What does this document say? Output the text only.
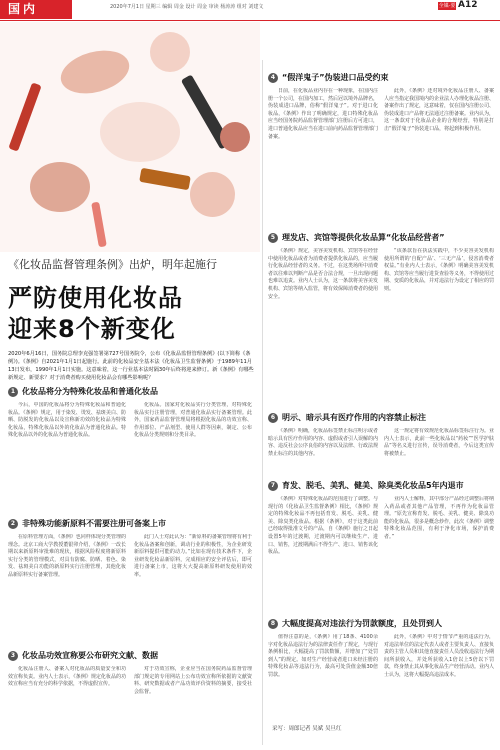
国内	2020年7月1日 星期三 编辑 周金 设计 周金 审读 杨涛涛 组对 刘建文	全媒·要闻
A12
《化妆品监督管理条例》出炉，明年起施行
严防使用化妆品
迎来8个新变化
2020年6月16日，国务院总理李克强签署第727号国务院令，公布《化妆品监督管理条例》(以下简称《条例》)。《条例》自2021年1月1日起施行。此前的化妆品安全基本法《化妆品卫生监督条例》于1989年11月13日发布，1990年1月1日实施。这意味着，这一行业基本法时隔30年后终将迎来修订。新《条例》有哪些新规定、新要求？对于消费者购买使用化妆品会有哪些影响呢？
1 化妆品将分为特殊化妆品和普通化妆品

今后，中国的化妆品将分为特殊化妆品和普通化妆品。《条例》规定，用于染发、烫发、祛斑美白、防晒、防脱发的化妆品以及宣称新功效的化妆品为特殊化妆品，特殊化妆品以外的化妆品为普通化妆品。特殊化妆品以外的化妆品为普通化妆品。

化妆品。国家对化妆品实行分类管理，对特殊化妆品实行注册管理，对普通化妆品实行备案管理。此外，国家药品监督管理局将根据化妆品的功效宣称、作用部位、产品剂型、使用人群等因素，制定、公布化妆品分类规则和分类目录。

2 非特殊功能新原料不需要注册可备案上市

在原料管理方面，《条例》也同样体现分类管理的理念。北京工商大学教授董银卯介绍，《条例》一改长期以来新原料审批难的现状，根据风险程度将新原料实行分类的管理模式，对具有防腐、防晒、着色、染发、祛斑美白功能的新原料实行注册管理，其他化妆品新原料实行备案管理。

此门人士对此认为：“新原料的备案管理将有利于化妆品备案和创新，调动行业的积极性，为企业研发新原料提供可能的动力。”比如在现有技术条件下，企业研发化妆品新原料，完成相应的安全评估后，即可进行备案上市，这将大大提高新原料研发使用的效率。

3 化妆品功效宣称要公布研究文献、数据

化妆品注册人、备案人对化妆品的质量安全和功效宣称负责。业内人士表示，《条例》规定化妆品的功效宣称应当有充分的科学依据，不得虚假宣传。

对于功效宣称，企业应当在国务院药品监督管理部门规定的专用网站上公布功效宣称所依据的文献资料、研究数据或者产品功效评价资料的摘要，接受社会监督。

4 “假洋鬼子”伪装进口品受约束

日前，在化妆品业内存在一种现象，在国内注册一个公司，在国内加工，然后冠以境外品牌名，伪装成进口品牌，俗称“假洋鬼子”。对于进口化妆品，《条例》作出了明确规定，进口特殊化妆品应当经国务院药品监督管理部门注册后方可进口，进口普通化妆品应当在进口前向药品监督管理部门备案。

此外，《条例》还对境外化妆品注册人、备案人应当指定我国境内的企业法人办理化妆品注册、备案作出了规定，这意味着，仅在国内注册公司、伪装成进口产品将无法通过注册备案。业内认为，这一条款对于化妆品企业的合规经营，特别是打击“假洋鬼子”伪装进口品，将起到积极作用。

5 理发店、宾馆等提供化妆品算“化妆品经营者”

《条例》规定，美容美发机构、宾馆等在经营中使用化妆品或者为消费者提供化妆品的，应当履行化妆品经营者的义务。不过，在这类场所中消费者以往难以判断产品是否合法合规，一旦出现问题也难以追责。业内人士认为，这一条款将美容美发机构、宾馆等纳入监管，将有效保障消费者的使用安全。

“该条款旨在执法实践中，不少美容美发机构使用所谓的‘自配产品’、‘三无产品’，侵害消费者权益。”有业内人士表示，《条例》明确美容美发机构、宾馆等应当履行进货查验等义务，不得使用过期、变质的化妆品，并对违法行为设定了相应的罚则。

6 明示、暗示具有医疗作用的内容禁止标注

《条例》明确，化妆品标签禁止标注明示或者暗示具有医疗作用的内容、虚假或者引人误解的内容、违反社会公序良俗的内容以及法律、行政法规禁止标注的其他内容。

这一规定将有效规范化妆品标签标注行为。业内人士表示，此前一些化妆品以“药妆”“医学护肤品”等名义进行宣传，误导消费者，今后这类宣传将被禁止。

7 育发、脱毛、美乳、健美、除臭类化妆品5年内退市

《条例》对特殊化妆品的范围进行了调整。与现行的《化妆品卫生监督条例》相比，《条例》规定的特殊化妆品不再包括育发、脱毛、美乳、健美、除臭类化妆品。根据《条例》，对于这类此前已经取得批准文号的产品，自《条例》施行之日起设置5年的过渡期，过渡期内可以继续生产、进口、销售，过渡期满后不得生产、进口、销售该化妆品。

业内人士解释，其中部分产品经过调整后将纳入药品或者其他产品管理，不再作为化妆品管理。“原先宣称育发、脱毛、美乳、健美、除臭功能的化妆品，很多是概念炒作，此次《条例》调整特殊化妆品范围，有利于净化市场，保护消费者。”

8 大幅度提高对违法行为罚款额度，且处罚到人

值得注意的是，《条例》用了18条、4100余字对化妆品违法行为的法律责任作了规定，与现行条例相比，大幅提高了罚款数额，并增加了“处罚到人”的规定。如对生产经营或者进口未经注册的特殊化妆品等违法行为，最高可处货值金额30倍罚款。

此外，《条例》中对于情节严重的违法行为，对违法单位的法定代表人或者主要负责人、直接负责的主管人员和其他直接责任人员没收违法行为期间所获收入，并处所获收入1倍以上5倍以下罚款，终身禁止其从事化妆品生产经营活动。业内人士认为，这将大幅提高违法成本。

采写：周郎记者 吴斌 吴旦红
